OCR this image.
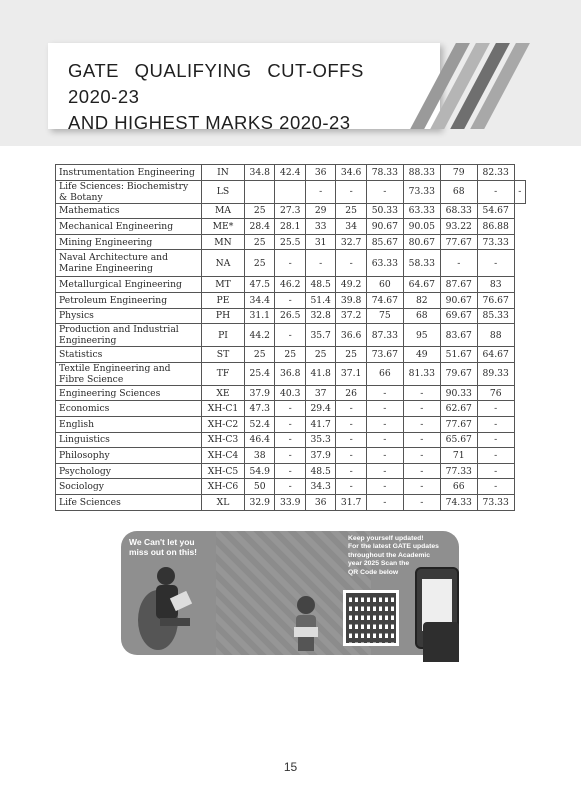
GATE QUALIFYING CUT-OFFS 2020-23
AND HIGHEST MARKS 2020-23
Instrumentation Engineering	IN	34.8	42.4	36	34.6	78.33	88.33	79	82.33	
Life Sciences: Biochemistry & Botany	LS			-	-	-	73.33	68	-	-
Mathematics	MA	25	27.3	29	25	50.33	63.33	68.33	54.67	
Mechanical Engineering	ME*	28.4	28.1	33	34	90.67	90.05	93.22	86.88	
Mining Engineering	MN	25	25.5	31	32.7	85.67	80.67	77.67	73.33	
Naval Architecture and Marine Engineering	NA	25	-	-	-	63.33	58.33	-	-	
Metallurgical Engineering	MT	47.5	46.2	48.5	49.2	60	64.67	87.67	83	
Petroleum Engineering	PE	34.4	-	51.4	39.8	74.67	82	90.67	76.67	
Physics	PH	31.1	26.5	32.8	37.2	75	68	69.67	85.33	
Production and Industrial Engineering	PI	44.2	-	35.7	36.6	87.33	95	83.67	88	
Statistics	ST	25	25	25	25	73.67	49	51.67	64.67	
Textile Engineering and Fibre Science	TF	25.4	36.8	41.8	37.1	66	81.33	79.67	89.33	
Engineering Sciences	XE	37.9	40.3	37	26	-	-	90.33	76	
Economics	XH-C1	47.3	-	29.4	-	-	-	62.67	-	
English	XH-C2	52.4	-	41.7	-	-	-	77.67	-	
Linguistics	XH-C3	46.4	-	35.3	-	-	-	65.67	-	
Philosophy	XH-C4	38	-	37.9	-	-	-	71	-	
Psychology	XH-C5	54.9	-	48.5	-	-	-	77.33	-	
Sociology	XH-C6	50	-	34.3	-	-	-	66	-	
Life Sciences	XL	32.9	33.9	36	31.7	-	-	74.33	73.33	
We Can't let you
miss out on this!
Keep yourself updated!
For the latest GATE updates
throughout the Academic
year 2025 Scan the
QR Code below
15
